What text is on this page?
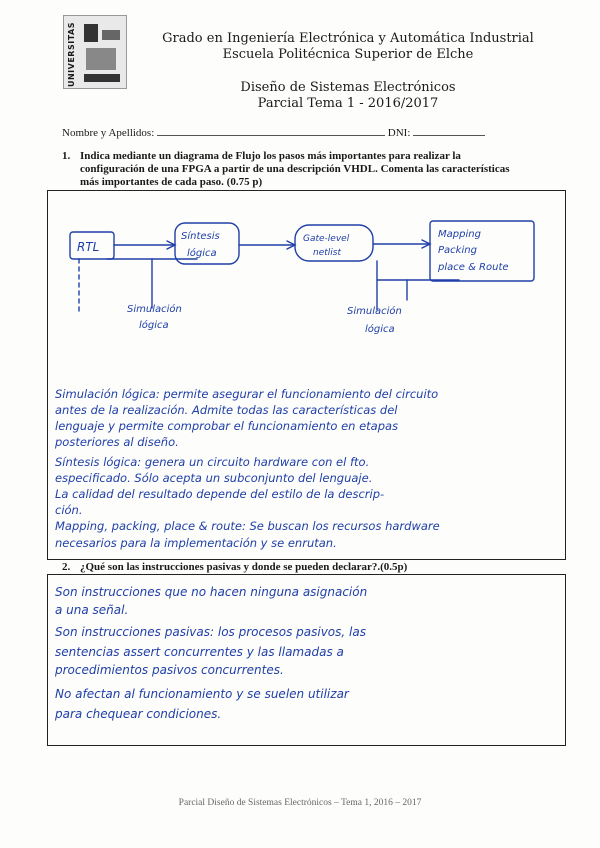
UNIVERSITAS	Grado en Ingeniería Electrónica y Automática Industrial
Escuela Politécnica Superior de Elche
Diseño de Sistemas Electrónicos
Parcial Tema 1 - 2016/2017
Nombre y Apellidos:	DNI:
1. Indica mediante un diagrama de Flujo los pasos más importantes para realizar la
configuración de una FPGA a partir de una descripción VHDL. Comenta las características
más importantes de cada paso. (0.75 p)
RTL
Síntesis
lógica
Gate-level
netlist
Mapping
Packing
place & Route
Simulación
lógica
Simulación
lógica
Simulación lógica: permite asegurar el funcionamiento del circuito
antes de la realización. Admite todas las características del
lenguaje y permite comprobar el funcionamiento en etapas
posteriores al diseño.
Síntesis lógica: genera un circuito hardware con el fto.
especificado. Sólo acepta un subconjunto del lenguaje.
La calidad del resultado depende del estilo de la descrip-
ción.
Mapping, packing, place & route: Se buscan los recursos hardware
necesarios para la implementación y se enrutan.
2. ¿Qué son las instrucciones pasivas y donde se pueden declarar?.(0.5p)
Son instrucciones que no hacen ninguna asignación
a una señal.
Son instrucciones pasivas: los procesos pasivos, las
sentencias assert concurrentes y las llamadas a
procedimientos pasivos concurrentes.
No afectan al funcionamiento y se suelen utilizar
para chequear condiciones.
Parcial Diseño de Sistemas Electrónicos – Tema 1, 2016 – 2017
